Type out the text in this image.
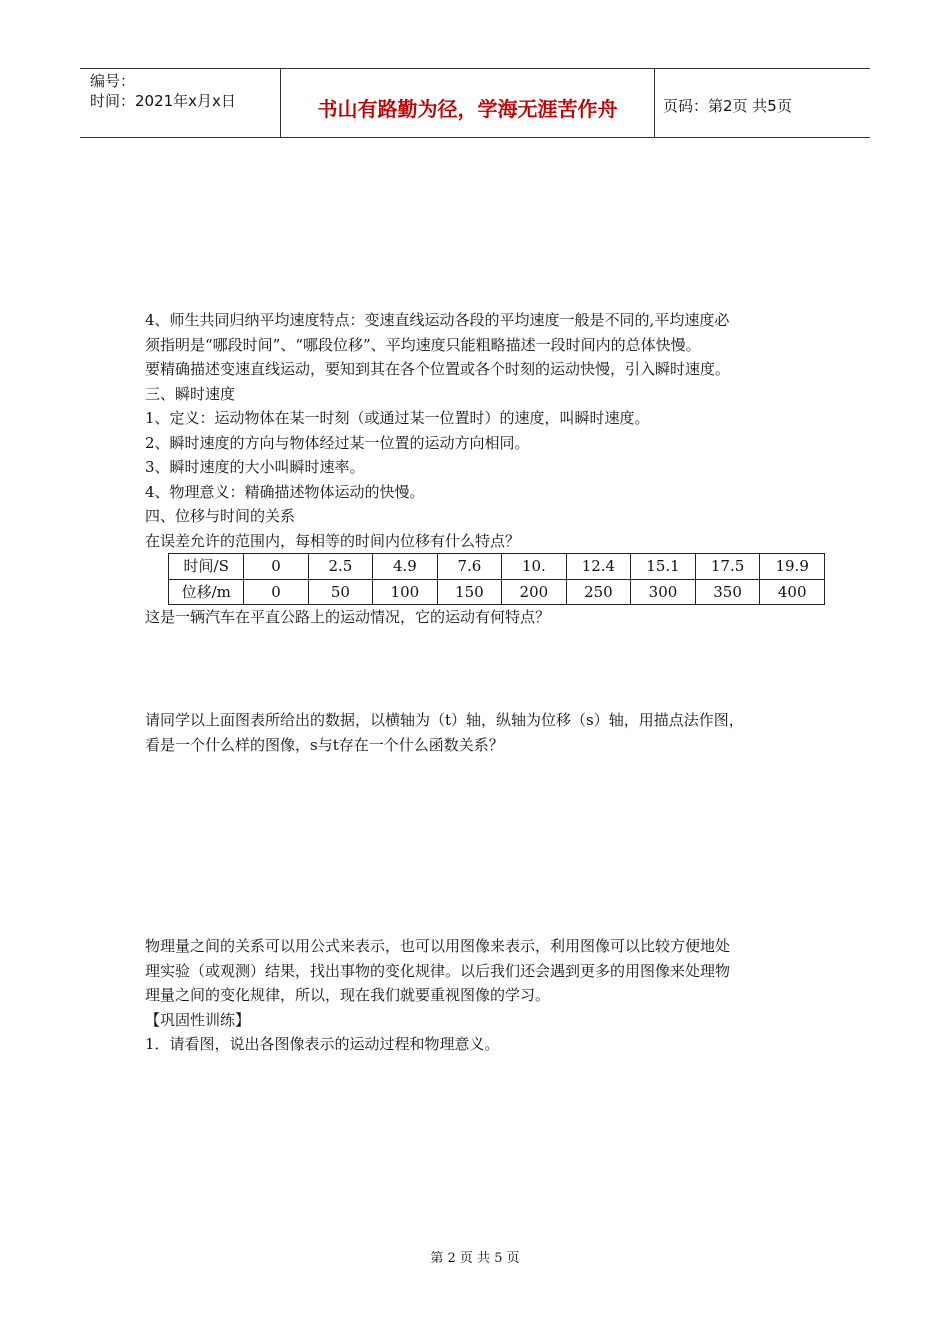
编号：
时间：2021年x月x日	书山有路勤为径，学海无涯苦作舟	页码：第2页 共5页

4、师生共同归纳平均速度特点：变速直线运动各段的平均速度一般是不同的,平均速度必

须指明是“哪段时间”、“哪段位移”、平均速度只能粗略描述一段时间内的总体快慢。

要精确描述变速直线运动，要知到其在各个位置或各个时刻的运动快慢，引入瞬时速度。

三、瞬时速度

1、定义：运动物体在某一时刻（或通过某一位置时）的速度，叫瞬时速度。

2、瞬时速度的方向与物体经过某一位置的运动方向相同。

3、瞬时速度的大小叫瞬时速率。

4、物理意义：精确描述物体运动的快慢。

四、位移与时间的关系

在误差允许的范围内，每相等的时间内位移有什么特点？

时间/S	0	2.5	4.9	7.6	10.	12.4	15.1	17.5	19.9
位移/m	0	50	100	150	200	250	300	350	400

这是一辆汽车在平直公路上的运动情况，它的运动有何特点？

请同学以上面图表所给出的数据，以横轴为（t）轴，纵轴为位移（s）轴，用描点法作图，

看是一个什么样的图像，s与t存在一个什么函数关系？

物理量之间的关系可以用公式来表示，也可以用图像来表示，利用图像可以比较方便地处

理实验（或观测）结果，找出事物的变化规律。以后我们还会遇到更多的用图像来处理物

理量之间的变化规律，所以，现在我们就要重视图像的学习。

【巩固性训练】

1．请看图，说出各图像表示的运动过程和物理意义。

第 2 页 共 5 页
